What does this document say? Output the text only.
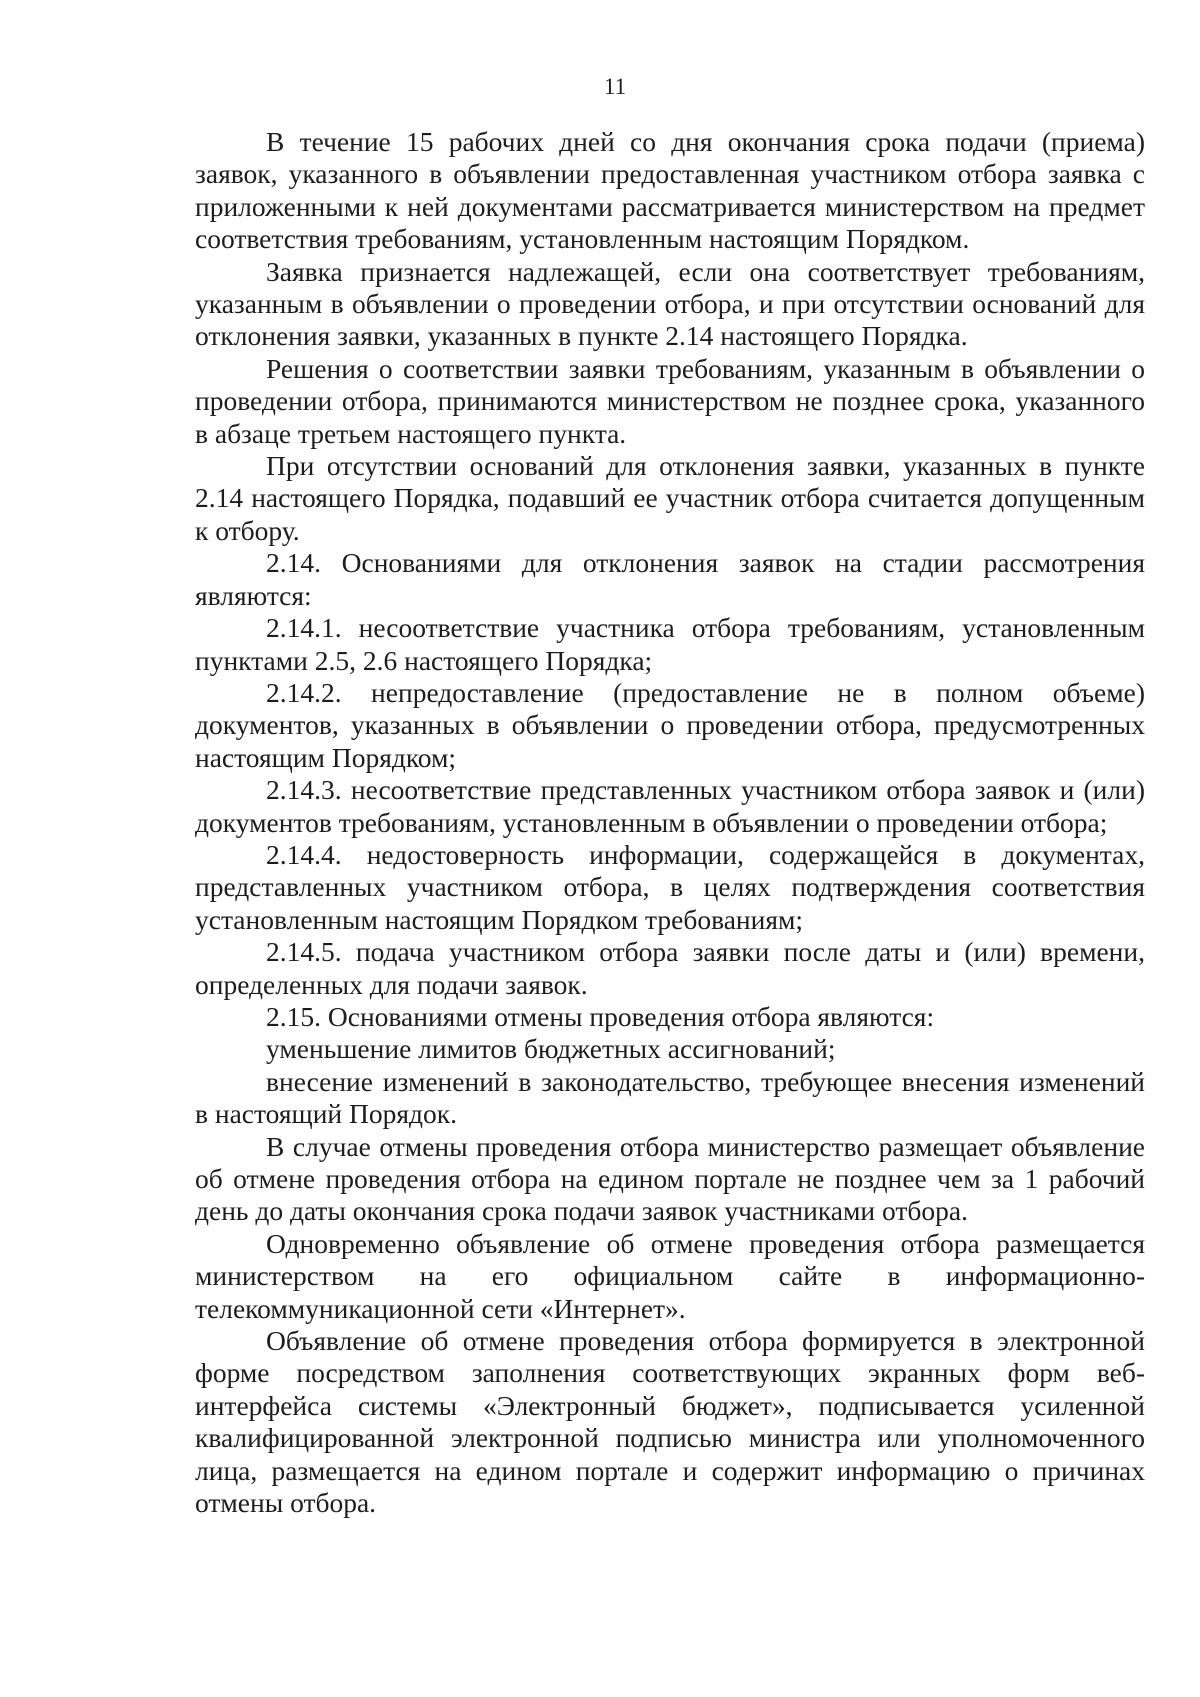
11

В течение 15 рабочих дней со дня окончания срока подачи (приема) заявок, указанного в объявлении предоставленная участником отбора заявка с приложенными к ней документами рассматривается министерством на предмет соответствия требованиям, установленным настоящим Порядком.

Заявка признается надлежащей, если она соответствует требованиям, указанным в объявлении о проведении отбора, и при отсутствии оснований для отклонения заявки, указанных в пункте 2.14 настоящего Порядка.

Решения о соответствии заявки требованиям, указанным в объявлении о проведении отбора, принимаются министерством не позднее срока, указанного в абзаце третьем настоящего пункта.

При отсутствии оснований для отклонения заявки, указанных в пункте 2.14 настоящего Порядка, подавший ее участник отбора считается допущенным к отбору.

2.14. Основаниями для отклонения заявок на стадии рассмотрения являются:

2.14.1. несоответствие участника отбора требованиям, установленным пунктами 2.5, 2.6 настоящего Порядка;

2.14.2. непредоставление (предоставление не в полном объеме) документов, указанных в объявлении о проведении отбора, предусмотренных настоящим Порядком;

2.14.3. несоответствие представленных участником отбора заявок и (или) документов требованиям, установленным в объявлении о проведении отбора;

2.14.4. недостоверность информации, содержащейся в документах, представленных участником отбора, в целях подтверждения соответствия установленным настоящим Порядком требованиям;

2.14.5. подача участником отбора заявки после даты и (или) времени, определенных для подачи заявок.

2.15. Основаниями отмены проведения отбора являются:

уменьшение лимитов бюджетных ассигнований;

внесение изменений в законодательство, требующее внесения изменений в настоящий Порядок.

В случае отмены проведения отбора министерство размещает объявление об отмене проведения отбора на едином портале не позднее чем за 1 рабочий день до даты окончания срока подачи заявок участниками отбора.

Одновременно объявление об отмене проведения отбора размещается министерством на его официальном сайте в информационно-телекоммуникационной сети «Интернет».

Объявление об отмене проведения отбора формируется в электронной форме посредством заполнения соответствующих экранных форм веб-интерфейса системы «Электронный бюджет», подписывается усиленной квалифицированной электронной подписью министра или уполномоченного лица, размещается на едином портале и содержит информацию о причинах отмены отбора.
